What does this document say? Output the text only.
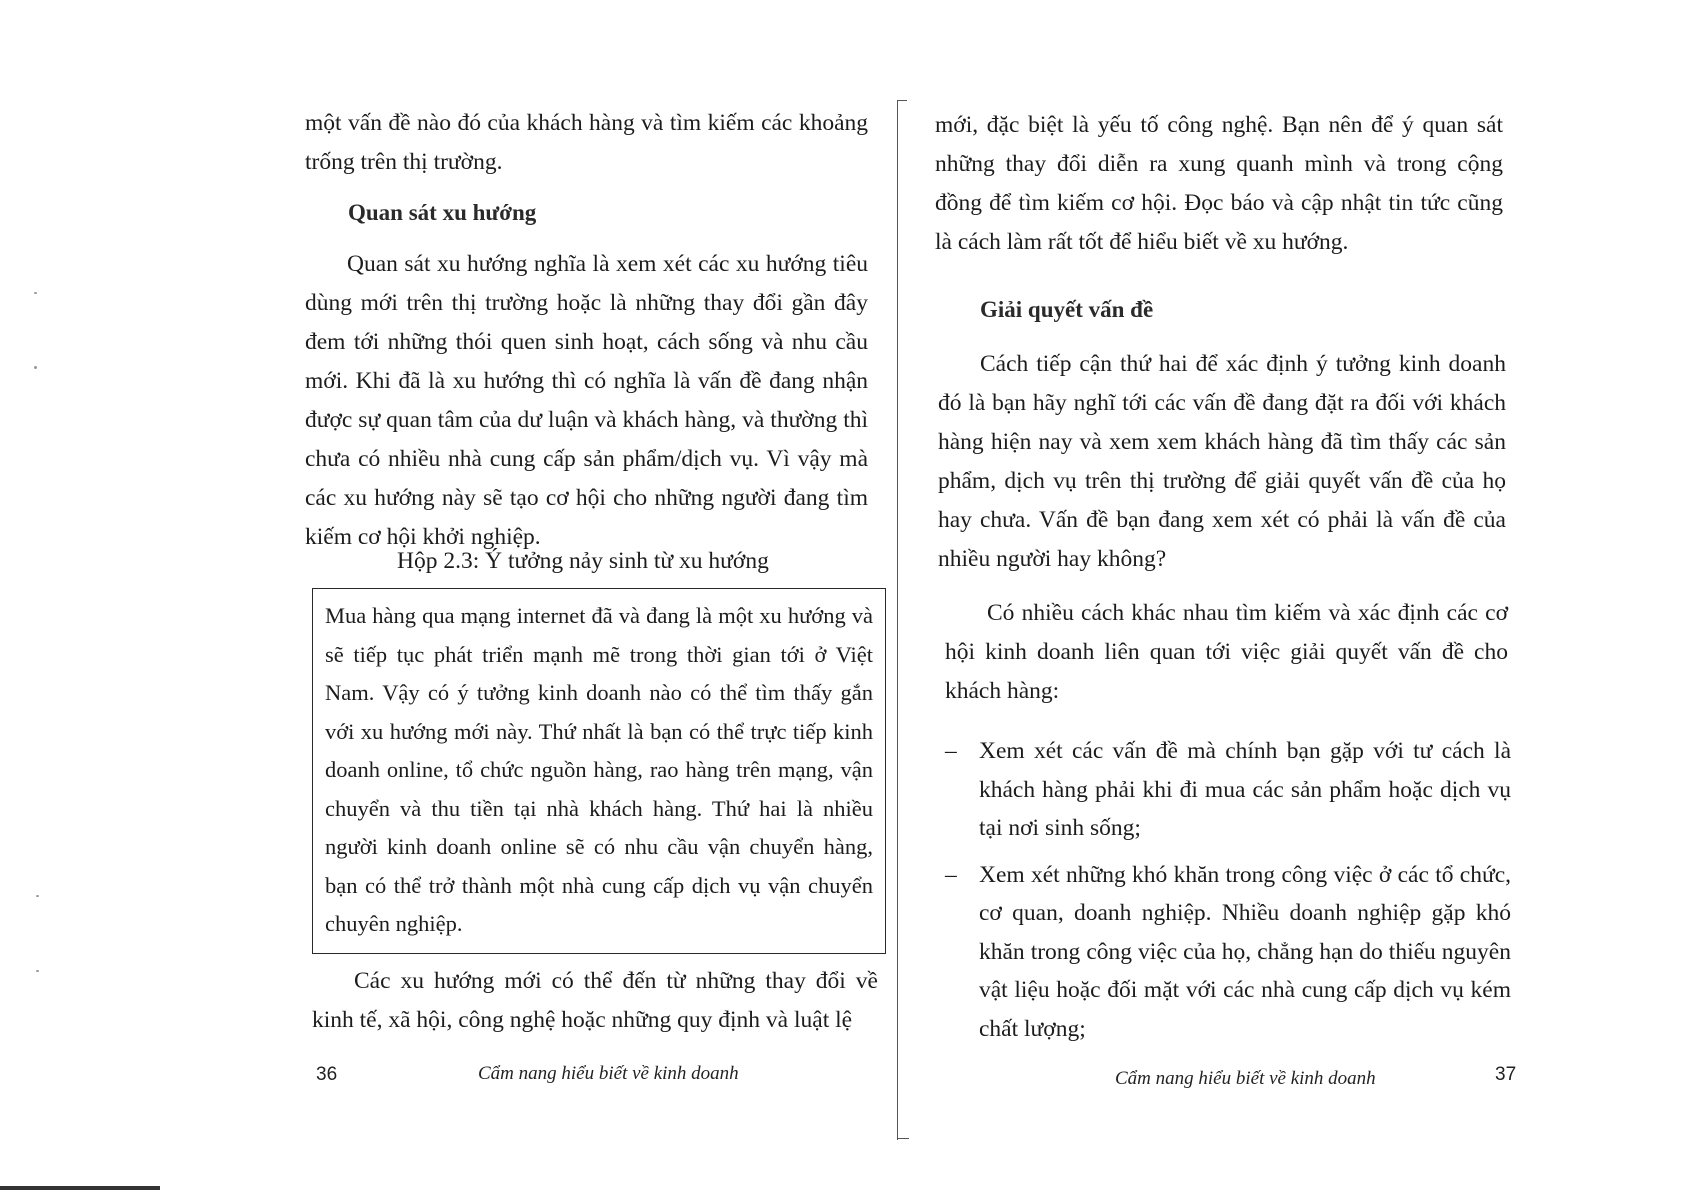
một vấn đề nào đó của khách hàng và tìm kiếm các khoảng trống trên thị trường.

Quan sát xu hướng

Quan sát xu hướng nghĩa là xem xét các xu hướng tiêu dùng mới trên thị trường hoặc là những thay đổi gần đây đem tới những thói quen sinh hoạt, cách sống và nhu cầu mới. Khi đã là xu hướng thì có nghĩa là vấn đề đang nhận được sự quan tâm của dư luận và khách hàng, và thường thì chưa có nhiều nhà cung cấp sản phẩm/dịch vụ. Vì vậy mà các xu hướng này sẽ tạo cơ hội cho những người đang tìm kiếm cơ hội khởi nghiệp.

Hộp 2.3: Ý tưởng nảy sinh từ xu hướng

Mua hàng qua mạng internet đã và đang là một xu hướng và sẽ tiếp tục phát triển mạnh mẽ trong thời gian tới ở Việt Nam. Vậy có ý tưởng kinh doanh nào có thể tìm thấy gắn với xu hướng mới này. Thứ nhất là bạn có thể trực tiếp kinh doanh online, tổ chức nguồn hàng, rao hàng trên mạng, vận chuyển và thu tiền tại nhà khách hàng. Thứ hai là nhiều người kinh doanh online sẽ có nhu cầu vận chuyển hàng, bạn có thể trở thành một nhà cung cấp dịch vụ vận chuyển chuyên nghiệp.

Các xu hướng mới có thể đến từ những thay đổi về kinh tế, xã hội, công nghệ hoặc những quy định và luật lệ

36	Cẩm nang hiểu biết về kinh doanh

mới, đặc biệt là yếu tố công nghệ. Bạn nên để ý quan sát những thay đổi diễn ra xung quanh mình và trong cộng đồng để tìm kiếm cơ hội. Đọc báo và cập nhật tin tức cũng là cách làm rất tốt để hiểu biết về xu hướng.

Giải quyết vấn đề

Cách tiếp cận thứ hai để xác định ý tưởng kinh doanh đó là bạn hãy nghĩ tới các vấn đề đang đặt ra đối với khách hàng hiện nay và xem xem khách hàng đã tìm thấy các sản phẩm, dịch vụ trên thị trường để giải quyết vấn đề của họ hay chưa. Vấn đề bạn đang xem xét có phải là vấn đề của nhiều người hay không?

Có nhiều cách khác nhau tìm kiếm và xác định các cơ hội kinh doanh liên quan tới việc giải quyết vấn đề cho khách hàng:

– Xem xét các vấn đề mà chính bạn gặp với tư cách là khách hàng phải khi đi mua các sản phẩm hoặc dịch vụ tại nơi sinh sống;
– Xem xét những khó khăn trong công việc ở các tổ chức, cơ quan, doanh nghiệp. Nhiều doanh nghiệp gặp khó khăn trong công việc của họ, chẳng hạn do thiếu nguyên vật liệu hoặc đối mặt với các nhà cung cấp dịch vụ kém chất lượng;
Cẩm nang hiểu biết về kinh doanh	37
